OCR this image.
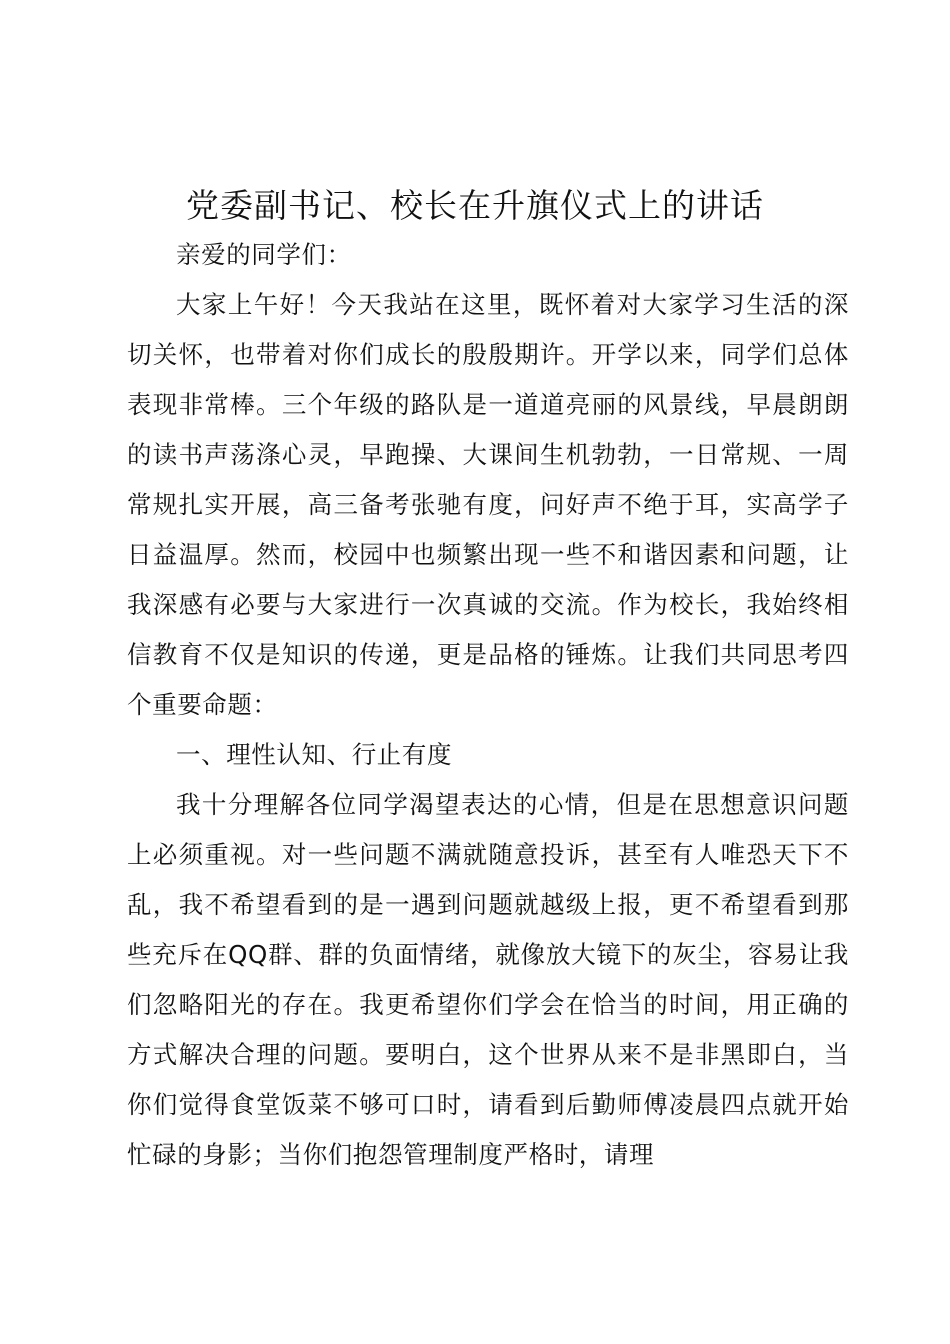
党委副书记、校长在升旗仪式上的讲话

亲爱的同学们：

大家上午好！今天我站在这里，既怀着对大家学习生活的深切关怀，也带着对你们成长的殷殷期许。开学以来，同学们总体表现非常棒。三个年级的路队是一道道亮丽的风景线，早晨朗朗的读书声荡涤心灵，早跑操、大课间生机勃勃，一日常规、一周常规扎实开展，高三备考张驰有度，问好声不绝于耳，实高学子日益温厚。然而，校园中也频繁出现一些不和谐因素和问题，让我深感有必要与大家进行一次真诚的交流。作为校长，我始终相信教育不仅是知识的传递，更是品格的锤炼。让我们共同思考四个重要命题：

一、理性认知、行止有度

我十分理解各位同学渴望表达的心情，但是在思想意识问题上必须重视。对一些问题不满就随意投诉，甚至有人唯恐天下不乱，我不希望看到的是一遇到问题就越级上报，更不希望看到那些充斥在QQ群、群的负面情绪，就像放大镜下的灰尘，容易让我们忽略阳光的存在。我更希望你们学会在恰当的时间，用正确的方式解决合理的问题。要明白，这个世界从来不是非黑即白，当你们觉得食堂饭菜不够可口时，请看到后勤师傅凌晨四点就开始忙碌的身影；当你们抱怨管理制度严格时，请理
